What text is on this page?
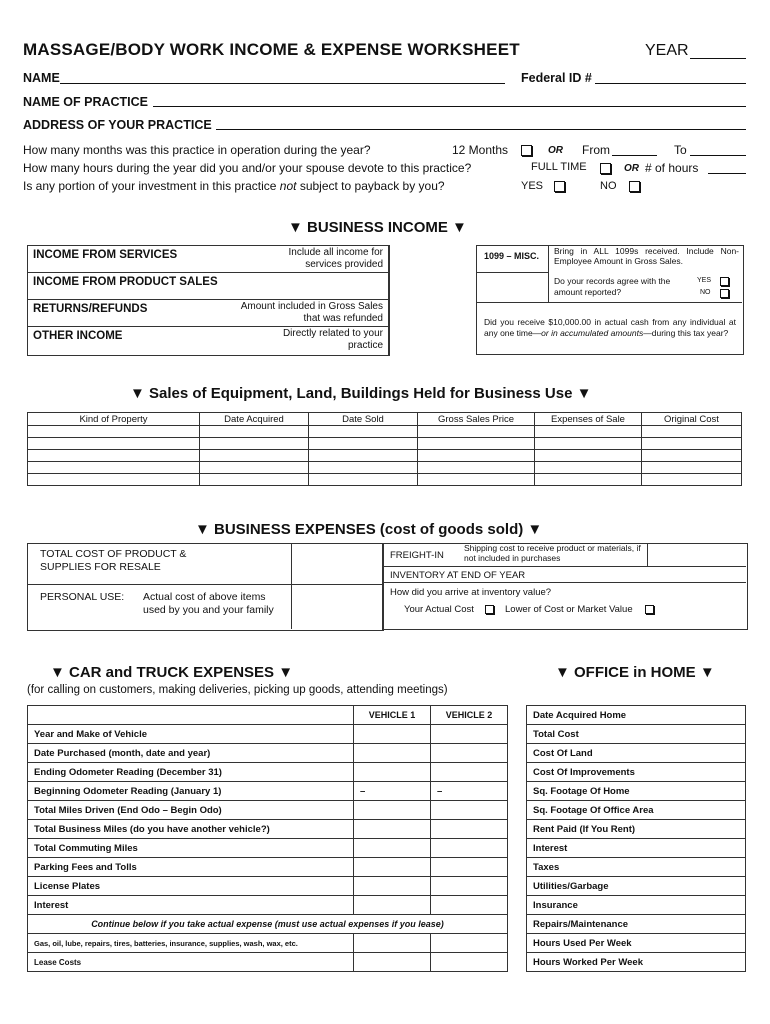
MASSAGE/BODY WORK INCOME & EXPENSE WORKSHEET	YEAR
NAME	Federal ID #
NAME OF PRACTICE
ADDRESS OF YOUR PRACTICE
How many months was this practice in operation during the year?	12 Months	OR From	To
How many hours during the year did you and/or your spouse devote to this practice?	FULL TIME	OR # of hours
Is any portion of your investment in this practice not subject to payback by you?	YES	NO
▼ BUSINESS INCOME ▼
INCOME FROM SERVICES	Include all income for services provided
INCOME FROM PRODUCT SALES
RETURNS/REFUNDS	Amount included in Gross Sales that was refunded
OTHER INCOME	Directly related to your practice
1099 – MISC. Bring in ALL 1099s received. Include Non-Employee Amount in Gross Sales.
Do your records agree with the amount reported?
YES
NO
Did you receive $10,000.00 in actual cash from any individual at any one time—or in accumulated amounts—during this tax year?
▼ Sales of Equipment, Land, Buildings Held for Business Use ▼
Kind of Property	Date Acquired	Date Sold	Gross Sales Price	Expenses of Sale	Original Cost

▼ BUSINESS EXPENSES (cost of goods sold) ▼
TOTAL COST OF PRODUCT & SUPPLIES FOR RESALE
PERSONAL USE: Actual cost of above items used by you and your family
FREIGHT-IN
Shipping cost to receive product or materials, if not included in purchases
INVENTORY AT END OF YEAR
How did you arrive at inventory value?
Your Actual Cost	Lower of Cost or Market Value
▼ CAR and TRUCK EXPENSES ▼
(for calling on customers, making deliveries, picking up goods, attending meetings)
	VEHICLE 1	VEHICLE 2
Year and Make of Vehicle		
Date Purchased (month, date and year)		
Ending Odometer Reading (December 31)		
Beginning Odometer Reading (January 1)	–	–
Total Miles Driven (End Odo – Begin Odo)		
Total Business Miles (do you have another vehicle?)		
Total Commuting Miles		
Parking Fees and Tolls		
License Plates		
Interest		
Continue below if you take actual expense (must use actual expenses if you lease)		
Gas, oil, lube, repairs, tires, batteries, insurance, supplies, wash, wax, etc.		
Lease Costs		
▼ OFFICE in HOME ▼
Date Acquired Home
Total Cost
Cost Of Land
Cost Of Improvements
Sq. Footage Of Home
Sq. Footage Of Office Area
Rent Paid (If You Rent)
Interest
Taxes
Utilities/Garbage
Insurance
Repairs/Maintenance
Hours Used Per Week
Hours Worked Per Week
